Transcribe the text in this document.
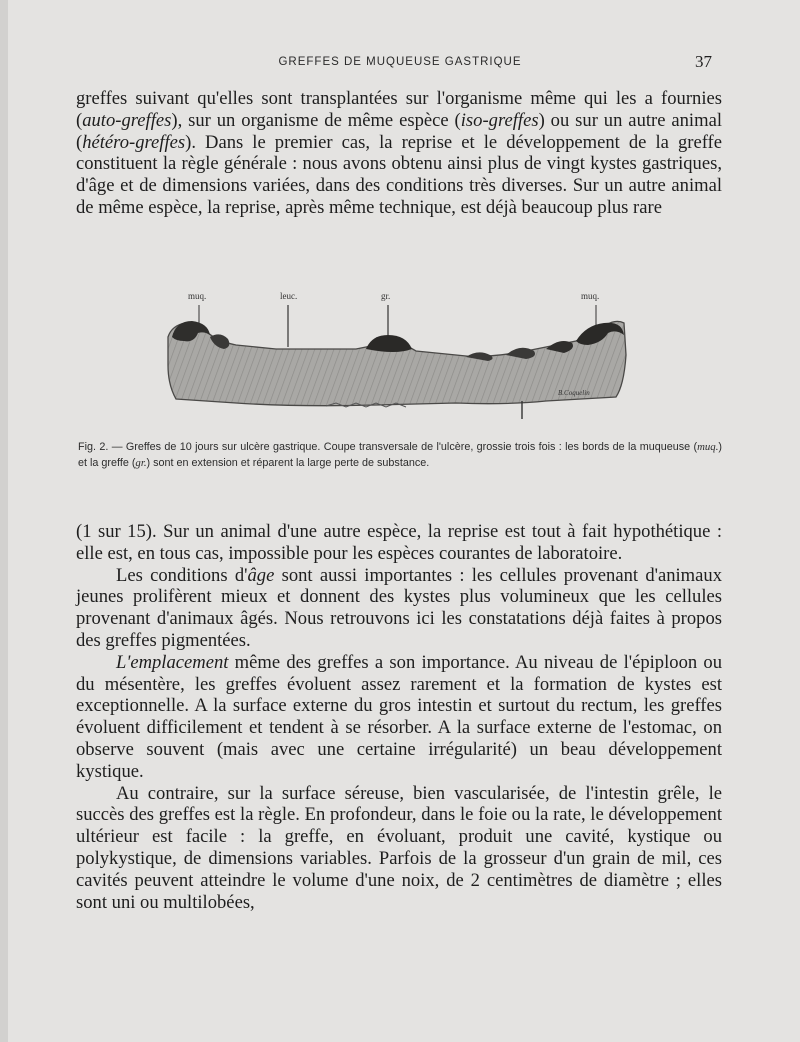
GREFFES DE MUQUEUSE GASTRIQUE	37

greffes suivant qu'elles sont transplantées sur l'organisme même qui les a fournies (auto-greffes), sur un organisme de même espèce (iso-greffes) ou sur un autre animal (hétéro-greffes). Dans le premier cas, la reprise et le développement de la greffe constituent la règle générale : nous avons obtenu ainsi plus de vingt kystes gastriques, d'âge et de dimensions variées, dans des conditions très diverses. Sur un autre animal de même espèce, la reprise, après même technique, est déjà beaucoup plus rare

muq.	leuc.	gr.	muq.
B.Coquelin
Fig. 2. — Greffes de 10 jours sur ulcère gastrique. Coupe transversale de l'ulcère, grossie trois fois : les bords de la muqueuse (muq.) et la greffe (gr.) sont en extension et réparent la large perte de substance.

(1 sur 15). Sur un animal d'une autre espèce, la reprise est tout à fait hypothétique : elle est, en tous cas, impossible pour les espèces courantes de laboratoire.

Les conditions d'âge sont aussi importantes : les cellules provenant d'animaux jeunes prolifèrent mieux et donnent des kystes plus volumineux que les cellules provenant d'animaux âgés. Nous retrouvons ici les constatations déjà faites à propos des greffes pigmentées.

L'emplacement même des greffes a son importance. Au niveau de l'épiploon ou du mésentère, les greffes évoluent assez rarement et la formation de kystes est exceptionnelle. A la surface externe du gros intestin et surtout du rectum, les greffes évoluent difficilement et tendent à se résorber. A la surface externe de l'estomac, on observe souvent (mais avec une certaine irrégularité) un beau développement kystique.

Au contraire, sur la surface séreuse, bien vascularisée, de l'intestin grêle, le succès des greffes est la règle. En profondeur, dans le foie ou la rate, le développement ultérieur est facile : la greffe, en évoluant, produit une cavité, kystique ou polykystique, de dimensions variables. Parfois de la grosseur d'un grain de mil, ces cavités peuvent atteindre le volume d'une noix, de 2 centimètres de diamètre ; elles sont uni ou multilobées,
